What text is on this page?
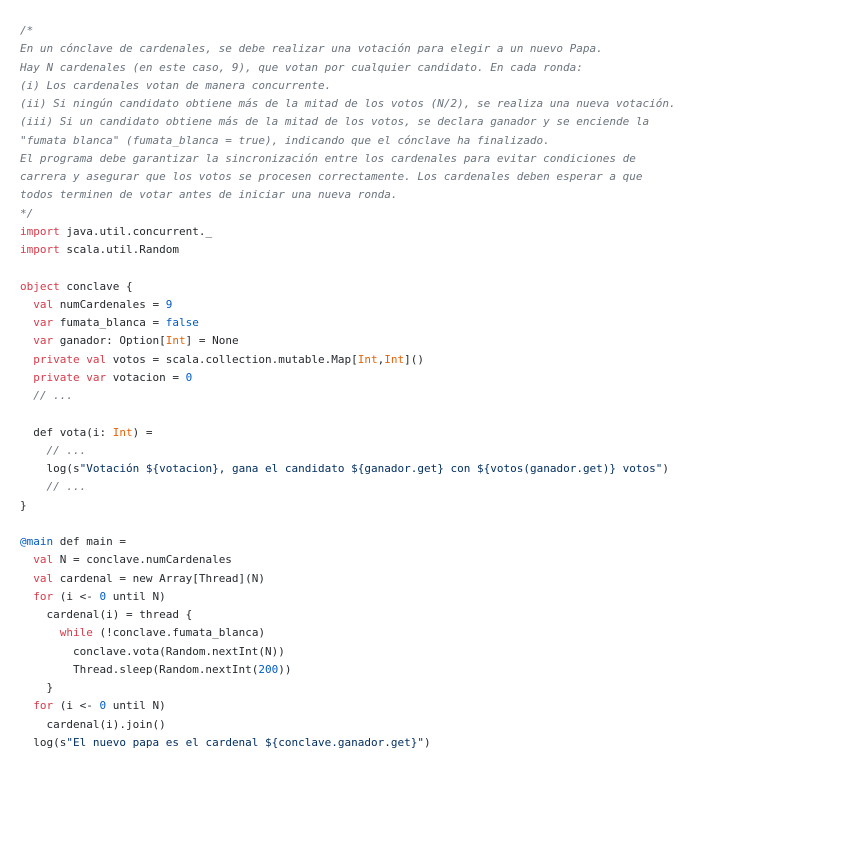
/*
En un cónclave de cardenales, se debe realizar una votación para elegir a un nuevo Papa.
Hay N cardenales (en este caso, 9), que votan por cualquier candidato. En cada ronda:
(i) Los cardenales votan de manera concurrente.
(ii) Si ningún candidato obtiene más de la mitad de los votos (N/2), se realiza una nueva votación.
(iii) Si un candidato obtiene más de la mitad de los votos, se declara ganador y se enciende la
"fumata blanca" (fumata_blanca = true), indicando que el cónclave ha finalizado.
El programa debe garantizar la sincronización entre los cardenales para evitar condiciones de
carrera y asegurar que los votos se procesen correctamente. Los cardenales deben esperar a que
todos terminen de votar antes de iniciar una nueva ronda.
*/
import java.util.concurrent._
import scala.util.Random
object conclave {
val numCardenales = 9
var fumata_blanca = false
var ganador: Option[Int] = None
private val votos = scala.collection.mutable.Map[Int,Int]()
private var votacion = 0
// ...
def vota(i: Int) =
// ...
log(s"Votación ${votacion}, gana el candidato ${ganador.get} con ${votos(ganador.get)} votos")
// ...
}
@main def main =
val N = conclave.numCardenales
val cardenal = new Array[Thread](N)
for (i <- 0 until N)
cardenal(i) = thread {
while (!conclave.fumata_blanca)
conclave.vota(Random.nextInt(N))
Thread.sleep(Random.nextInt(200))
}
for (i <- 0 until N)
cardenal(i).join()
log(s"El nuevo papa es el cardenal ${conclave.ganador.get}")
